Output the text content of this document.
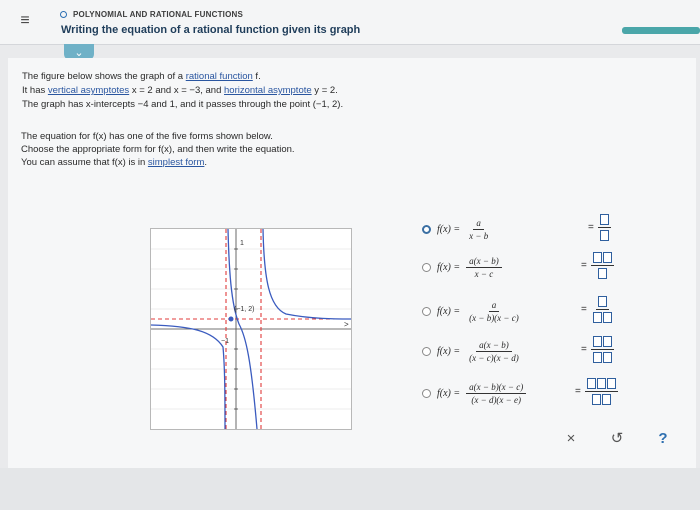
≡	POLYNOMIAL AND RATIONAL FUNCTIONS
Writing the equation of a rational function given its graph
⌄

The figure below shows the graph of a rational function f.

It has vertical asymptotes x = 2 and x = −3, and horizontal asymptote y = 2.

The graph has x-intercepts −4 and 1, and it passes through the point (−1, 2).

The equation for f(x) has one of the five forms shown below.

Choose the appropriate form for f(x), and then write the equation.

You can assume that f(x) is in simplest form.

(−1, 2)
−1
1
>
$f(x) = \frac{a}{x - b}$
$f(x) = \frac{a(x - b)}{x - c}$
$f(x) = \frac{a}{(x - b)(x - c)}$
$f(x) = \frac{a(x - b)}{(x - c)(x - d)}$
$f(x) = \frac{a(x - b)(x - c)}{(x - d)(x - e)}$
=
=
=
=
=
×	↺	?
